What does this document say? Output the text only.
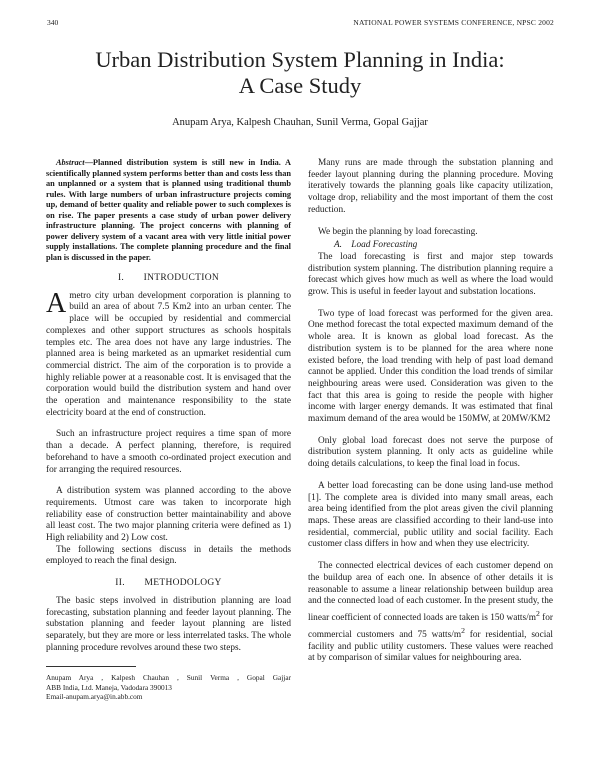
340	NATIONAL POWER SYSTEMS CONFERENCE, NPSC 2002
Urban Distribution System Planning in India:
A Case Study
Anupam Arya, Kalpesh Chauhan, Sunil Verma, Gopal Gajjar

Abstract—Planned distribution system is still new in India. A scientifically planned system performs better than and costs less than an unplanned or a system that is planned using traditional thumb rules. With large numbers of urban infrastructure projects coming up, demand of better quality and reliable power to such complexes is on rise. The paper presents a case study of urban power delivery infrastructure planning. The project concerns with planning of power delivery system of a vacant area with very little initial power supply installations. The complete planning procedure and the final plan is discussed in the paper.

I.  INTRODUCTION

Ametro city urban development corporation is planning to build an area of about 7.5 Km2 into an urban center. The place will be occupied by residential and commercial complexes and other support structures as schools hospitals temples etc. The area does not have any large industries. The planned area is being marketed as an upmarket residential cum commercial district. The aim of the corporation is to provide a highly reliable power at a reasonable cost. It is envisaged that the corporation would build the distribution system and hand over the operation and maintenance responsibility to the state electricity board at the end of construction.

Such an infrastructure project requires a time span of more than a decade. A perfect planning, therefore, is required beforehand to have a smooth co-ordinated project execution and for arranging the required resources.

A distribution system was planned according to the above requirements. Utmost care was taken to incorporate high reliability ease of construction better maintainability and above all least cost. The two major planning criteria were defined as 1) High reliability and 2) Low cost.

The following sections discuss in details the methods employed to reach the final design.

II.  METHODOLOGY

The basic steps involved in distribution planning are load forecasting, substation planning and feeder layout planning. The substation planning and feeder layout planning are listed separately, but they are more or less interrelated tasks. The whole planning procedure revolves around these two steps.

Anupam Arya , Kalpesh Chauhan , Sunil Verma , Gopal Gajjar

ABB India, Ltd. Maneja, Vadodara 390013

Email-anupam.arya@in.abb.com

Many runs are made through the substation planning and feeder layout planning during the planning procedure. Moving iteratively towards the planning goals like capacity utilization, voltage drop, reliability and the most important of them the cost reduction.

We begin the planning by load forecasting.

A. Load Forecasting

The load forecasting is first and major step towards distribution system planning. The distribution planning require a forecast which gives how much as well as where the load would grow. This is useful in feeder layout and substation locations.

Two type of load forecast was performed for the given area. One method forecast the total expected maximum demand of the whole area. It is known as global load forecast. As the distribution system is to be planned for the area where none existed before, the load trending with help of past load demand cannot be applied. Under this condition the load trends of similar neighbouring areas were used. Consideration was given to the fact that this area is going to reside the people with higher income with larger energy demands. It was estimated that final maximum demand of the area would be 150MW, at 20MW/KM2

Only global load forecast does not serve the purpose of distribution system planning. It only acts as guideline while doing details calculations, to keep the final load in focus.

A better load forecasting can be done using land-use method [1]. The complete area is divided into many small areas, each area being identified from the plot areas given the civil planning maps. These areas are classified according to their land-use into residential, commercial, public utility and social facility. Each customer class differs in how and when they use electricity.

The connected electrical devices of each customer depend on the buildup area of each one. In absence of other details it is reasonable to assume a linear relationship between buildup area and the connected load of each customer. In the present study, the linear coefficient of connected loads are taken is 150 watts/$m^2$ for commercial customers and 75 watts/$m^2$ for residential, social facility and public utility customers. These values were reached at by comparison of similar values for neighbouring area.
